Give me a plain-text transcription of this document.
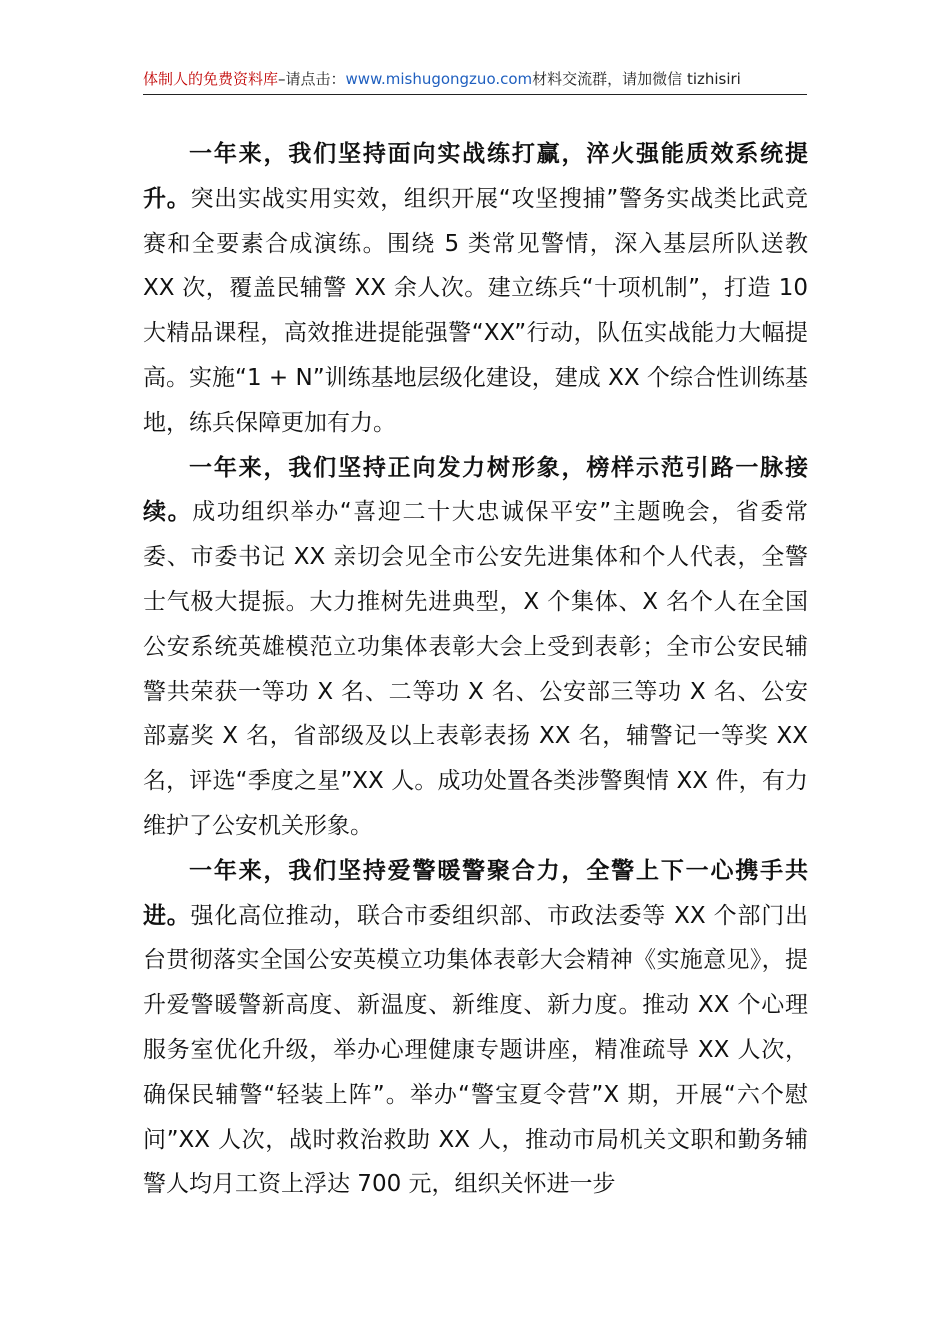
体制人的免费资料库–请点击：www.mishugongzuo.com材料交流群，请加微信 tizhisiri

一年来，我们坚持面向实战练打赢，淬火强能质效系统提升。突出实战实用实效，组织开展“攻坚搜捕”警务实战类比武竞赛和全要素合成演练。围绕 5 类常见警情，深入基层所队送教 XX 次，覆盖民辅警 XX 余人次。建立练兵“十项机制”，打造 10 大精品课程，高效推进提能强警“XX”行动，队伍实战能力大幅提高。实施“1 + N”训练基地层级化建设，建成 XX 个综合性训练基地，练兵保障更加有力。

一年来，我们坚持正向发力树形象，榜样示范引路一脉接续。成功组织举办“喜迎二十大忠诚保平安”主题晚会，省委常委、市委书记 XX 亲切会见全市公安先进集体和个人代表，全警士气极大提振。大力推树先进典型，X 个集体、X 名个人在全国公安系统英雄模范立功集体表彰大会上受到表彰；全市公安民辅警共荣获一等功 X 名、二等功 X 名、公安部三等功 X 名、公安部嘉奖 X 名，省部级及以上表彰表扬 XX 名，辅警记一等奖 XX 名，评选“季度之星”XX 人。成功处置各类涉警舆情 XX 件，有力维护了公安机关形象。

一年来，我们坚持爱警暖警聚合力，全警上下一心携手共进。强化高位推动，联合市委组织部、市政法委等 XX 个部门出台贯彻落实全国公安英模立功集体表彰大会精神《实施意见》，提升爱警暖警新高度、新温度、新维度、新力度。推动 XX 个心理服务室优化升级，举办心理健康专题讲座，精准疏导 XX 人次，确保民辅警“轻装上阵”。举办“警宝夏令营”X 期，开展“六个慰问”XX 人次，战时救治救助 XX 人，推动市局机关文职和勤务辅警人均月工资上浮达 700 元，组织关怀进一步
